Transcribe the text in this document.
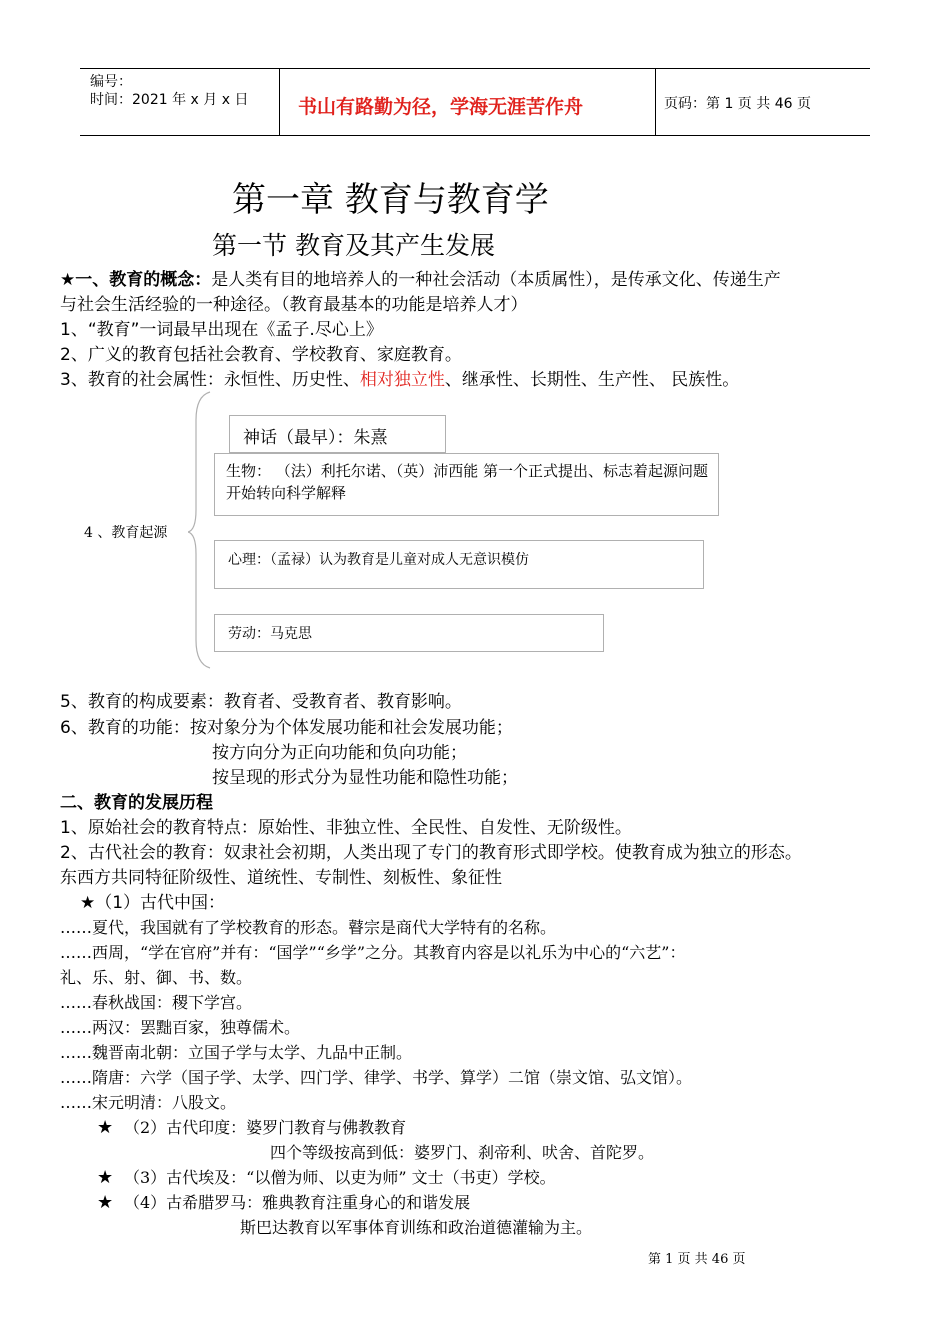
编号：
时间：2021 年 x 月 x 日	书山有路勤为径，学海无涯苦作舟	页码：第 1 页 共 46 页
第一章 教育与教育学
第一节 教育及其产生发展
★一、教育的概念：是人类有目的地培养人的一种社会活动（本质属性），是传承文化、传递生产
与社会生活经验的一种途径。（教育最基本的功能是培养人才）
1、“教育”一词最早出现在《孟子.尽心上》
2、广义的教育包括社会教育、学校教育、家庭教育。
3、教育的社会属性：永恒性、历史性、相对独立性、继承性、长期性、生产性、 民族性。
4 、教育起源
神话（最早）：朱熹
生物： （法）利托尔诺、（英）沛西能 第一个正式提出、标志着起源问题开始转向科学解释
心理：（孟禄）认为教育是儿童对成人无意识模仿
劳动：马克思
5、教育的构成要素：教育者、受教育者、教育影响。
6、教育的功能：按对象分为个体发展功能和社会发展功能；
按方向分为正向功能和负向功能；
按呈现的形式分为显性功能和隐性功能；
二、教育的发展历程
1、原始社会的教育特点：原始性、非独立性、全民性、自发性、无阶级性。
2、古代社会的教育：奴隶社会初期，人类出现了专门的教育形式即学校。使教育成为独立的形态。
东西方共同特征阶级性、道统性、专制性、刻板性、象征性
★（1）古代中国：
……夏代，我国就有了学校教育的形态。瞽宗是商代大学特有的名称。
……西周，“学在官府”并有：“国学”“乡学”之分。其教育内容是以礼乐为中心的“六艺”：
礼、乐、射、御、书、数。
……春秋战国：稷下学宫。
……两汉：罢黜百家，独尊儒术。
……魏晋南北朝：立国子学与太学、九品中正制。
……隋唐：六学（国子学、太学、四门学、律学、书学、算学）二馆（崇文馆、弘文馆）。
……宋元明清：八股文。
★ （2）古代印度：婆罗门教育与佛教教育
四个等级按高到低：婆罗门、刹帝利、吠舍、首陀罗。
★ （3）古代埃及：“以僧为师、以吏为师” 文士（书吏）学校。
★ （4）古希腊罗马：雅典教育注重身心的和谐发展
斯巴达教育以军事体育训练和政治道德灌输为主。
第 1 页 共 46 页
